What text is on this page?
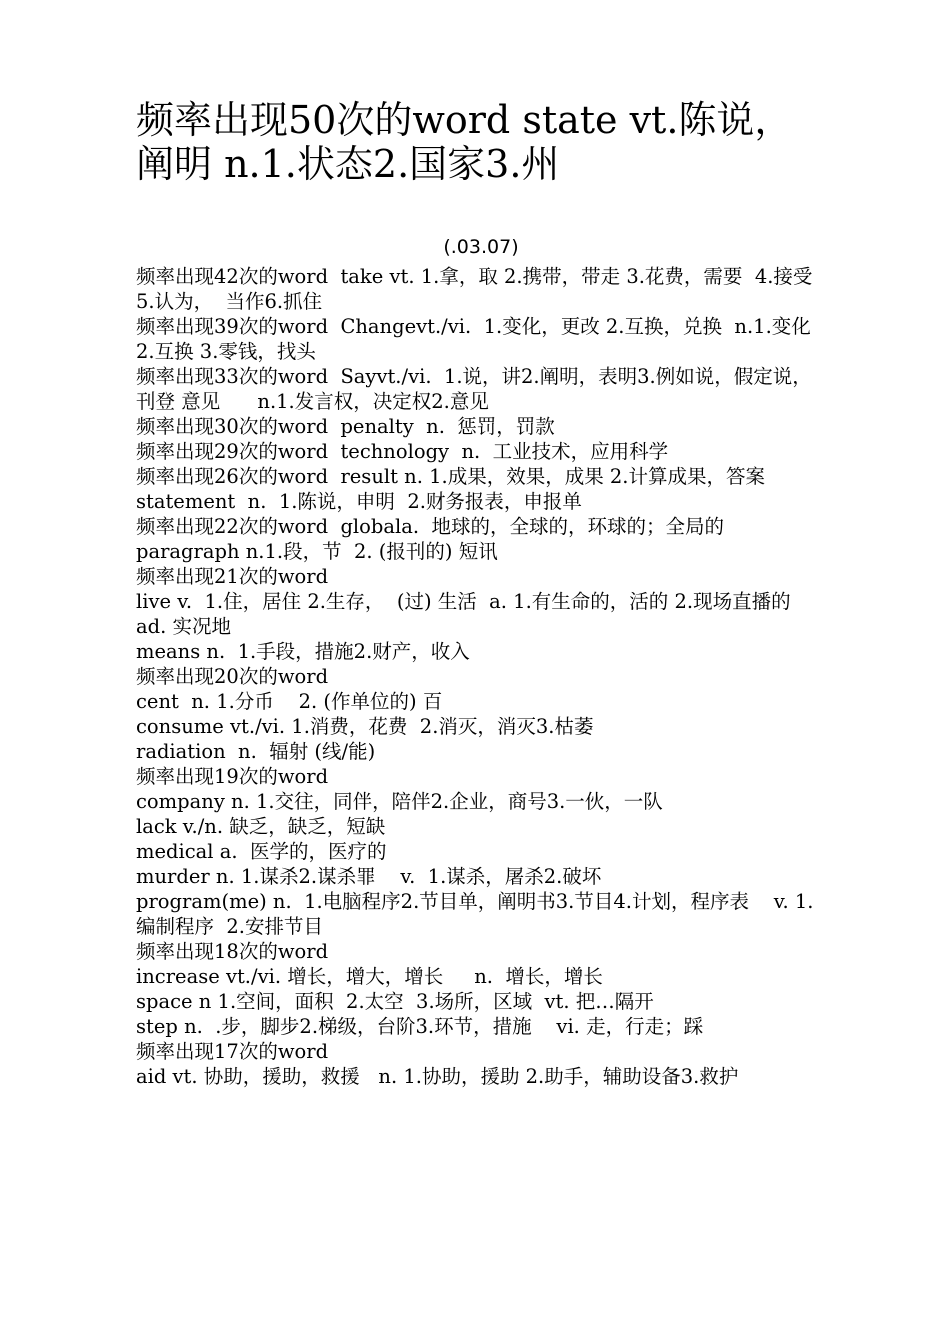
频率出现50次的word state vt.陈说，阐明 n.1.状态2.国家3.州
(.03.07)

频率出现42次的word  take vt. 1.拿，取 2.携带，带走 3.花费，需要  4.接受5.认为，  当作6.抓住

频率出现39次的word  Changevt./vi.  1.变化，更改 2.互换，兑换  n.1.变化2.互换 3.零钱，找头

频率出现33次的word  Sayvt./vi.  1.说，讲2.阐明，表明3.例如说，假定说，刊登 意见      n.1.发言权，决定权2.意见

频率出现30次的word  penalty  n.  惩罚，罚款

频率出现29次的word  technology  n.  工业技术，应用科学

频率出现26次的word  result n. 1.成果，效果，成果 2.计算成果，答案

statement  n.  1.陈说，申明  2.财务报表，申报单

频率出现22次的word  globala.  地球的，全球的，环球的；全局的

paragraph n.1.段，节  2. (报刊的) 短讯

频率出现21次的word

live v.  1.住，居住 2.生存，  (过) 生活  a. 1.有生命的，活的 2.现场直播的    ad. 实况地

means n.  1.手段，措施2.财产，收入

频率出现20次的word

cent  n. 1.分币    2. (作单位的) 百

consume vt./vi. 1.消费，花费  2.消灭，消灭3.枯萎

radiation  n.  辐射 (线/能)

频率出现19次的word

company n. 1.交往，同伴，陪伴2.企业，商号3.一伙，一队

lack v./n. 缺乏，缺乏，短缺

medical a.  医学的，医疗的

murder n. 1.谋杀2.谋杀罪    v.  1.谋杀，屠杀2.破坏

program(me) n.  1.电脑程序2.节目单，阐明书3.节目4.计划，程序表    v. 1.编制程序  2.安排节目

频率出现18次的word

increase vt./vi. 增长，增大，增长     n.  增长，增长

space n 1.空间，面积  2.太空  3.场所，区域  vt. 把…隔开

step n.  .步，脚步2.梯级，台阶3.环节，措施    vi. 走，行走；踩

频率出现17次的word

aid vt. 协助，援助，救援   n. 1.协助，援助 2.助手，辅助设备3.救护
